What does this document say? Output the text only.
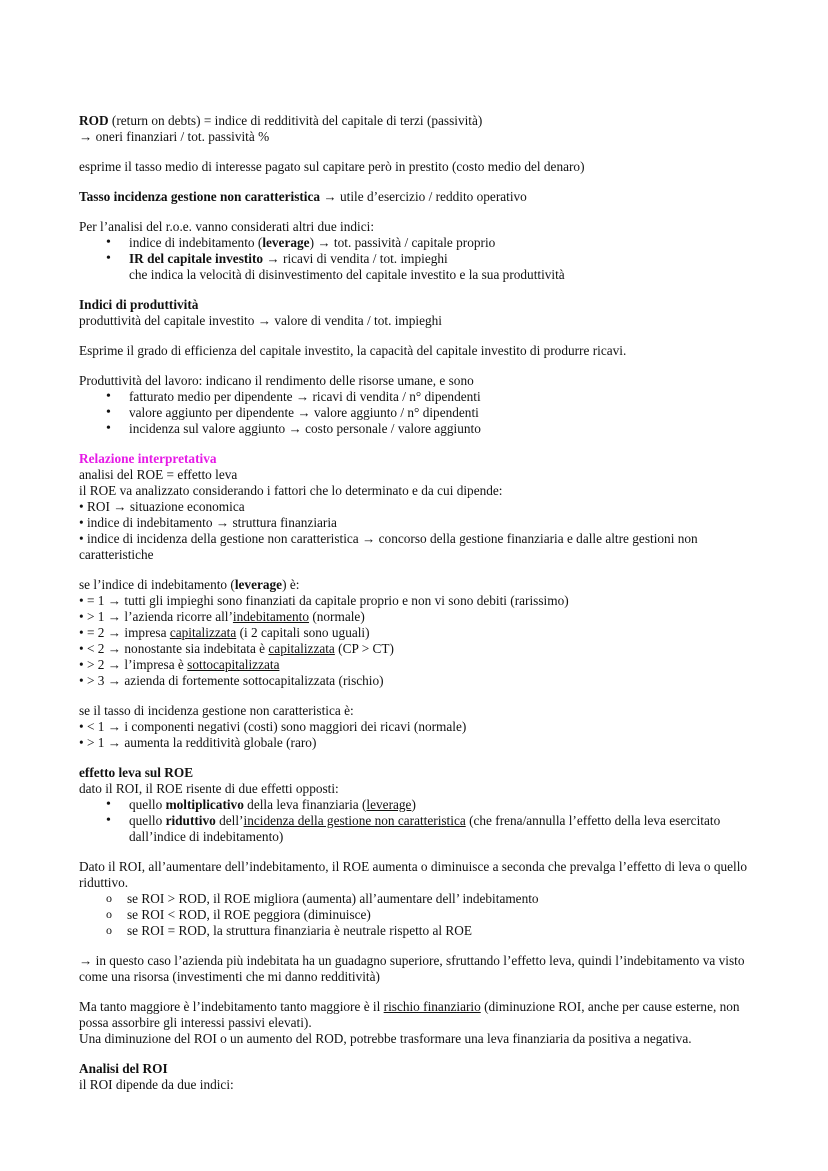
ROD (return on debts) = indice di redditività del capitale di terzi (passività)

→ oneri finanziari / tot. passività %

esprime il tasso medio di interesse pagato sul capitare però in prestito (costo medio del denaro)

Tasso incidenza gestione non caratteristica → utile d’esercizio / reddito operativo

Per l’analisi del r.o.e. vanno considerati altri due indici:

• indice di indebitamento (leverage) → tot. passività / capitale proprio
• IR del capitale investito → ricavi di vendita / tot. impieghi
che indica la velocità di disinvestimento del capitale investito e la sua produttività

Indici di produttività

produttività del capitale investito → valore di vendita / tot. impieghi

Esprime il grado di efficienza del capitale investito, la capacità del capitale investito di produrre ricavi.

Produttività del lavoro: indicano il rendimento delle risorse umane, e sono

• fatturato medio per dipendente → ricavi di vendita / n° dipendenti
• valore aggiunto per dipendente → valore aggiunto / n° dipendenti
• incidenza sul valore aggiunto → costo personale / valore aggiunto

Relazione interpretativa

analisi del ROE = effetto leva

il ROE va analizzato considerando i fattori che lo determinato e da cui dipende:

• ROI → situazione economica

• indice di indebitamento → struttura finanziaria

• indice di incidenza della gestione non caratteristica → concorso della gestione finanziaria e dalle altre gestioni non caratteristiche

se l’indice di indebitamento (leverage) è:

• = 1 → tutti gli impieghi sono finanziati da capitale proprio e non vi sono debiti (rarissimo)

• > 1 → l’azienda ricorre all’indebitamento (normale)

• = 2 → impresa capitalizzata (i 2 capitali sono uguali)

• < 2 → nonostante sia indebitata è capitalizzata (CP > CT)

• > 2 → l’impresa è sottocapitalizzata

• > 3 → azienda di fortemente sottocapitalizzata (rischio)

se il tasso di incidenza gestione non caratteristica è:

• < 1 → i componenti negativi (costi) sono maggiori dei ricavi (normale)

• > 1 → aumenta la redditività globale (raro)

effetto leva sul ROE

dato il ROI, il ROE risente di due effetti opposti:

• quello moltiplicativo della leva finanziaria (leverage)
• quello riduttivo dell’incidenza della gestione non caratteristica (che frena/annulla l’effetto della leva esercitato dall’indice di indebitamento)

Dato il ROI, all’aumentare dell’indebitamento, il ROE aumenta o diminuisce a seconda che prevalga l’effetto di leva o quello riduttivo.

o se ROI > ROD, il ROE migliora (aumenta) all’aumentare dell’ indebitamento
o se ROI < ROD, il ROE peggiora (diminuisce)
o se ROI = ROD, la struttura finanziaria è neutrale rispetto al ROE

→ in questo caso l’azienda più indebitata ha un guadagno superiore, sfruttando l’effetto leva, quindi l’indebitamento va visto come una risorsa (investimenti che mi danno redditività)

Ma tanto maggiore è l’indebitamento tanto maggiore è il rischio finanziario (diminuzione ROI, anche per cause esterne, non possa assorbire gli interessi passivi elevati).

Una diminuzione del ROI o un aumento del ROD, potrebbe trasformare una leva finanziaria da positiva a negativa.

Analisi del ROI

il ROI dipende da due indici:
